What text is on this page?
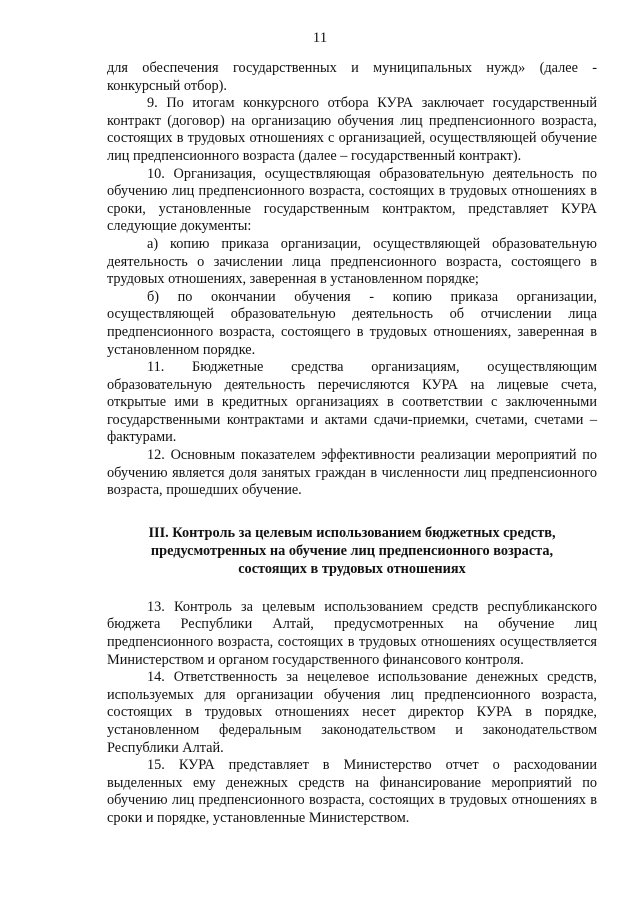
11

для обеспечения государственных и муниципальных нужд» (далее - конкурсный отбор).

9. По итогам конкурсного отбора КУРА заключает государственный контракт (договор) на организацию обучения лиц предпенсионного возраста, состоящих в трудовых отношениях с организацией, осуществляющей обучение лиц предпенсионного возраста (далее – государственный контракт).

10. Организация, осуществляющая образовательную деятельность по обучению лиц предпенсионного возраста, состоящих в трудовых отношениях в сроки, установленные государственным контрактом, представляет КУРА следующие документы:

а) копию приказа организации, осуществляющей образовательную деятельность о зачислении лица предпенсионного возраста, состоящего в трудовых отношениях, заверенная в установленном порядке;

б) по окончании обучения - копию приказа организации, осуществляющей образовательную деятельность об отчислении лица предпенсионного возраста, состоящего в трудовых отношениях, заверенная в установленном порядке.

11. Бюджетные средства организациям, осуществляющим образовательную деятельность перечисляются КУРА на лицевые счета, открытые ими в кредитных организациях в соответствии с заключенными государственными контрактами и актами сдачи-приемки, счетами, счетами – фактурами.

12. Основным показателем эффективности реализации мероприятий по обучению является доля занятых граждан в численности лиц предпенсионного возраста, прошедших обучение.

III. Контроль за целевым использованием бюджетных средств,
предусмотренных на обучение лиц предпенсионного возраста,
состоящих в трудовых отношениях

13. Контроль за целевым использованием средств республиканского бюджета Республики Алтай, предусмотренных на обучение лиц предпенсионного возраста, состоящих в трудовых отношениях осуществляется Министерством и органом государственного финансового контроля.

14. Ответственность за нецелевое использование денежных средств, используемых для организации обучения лиц предпенсионного возраста, состоящих в трудовых отношениях несет директор КУРА в порядке, установленном федеральным законодательством и законодательством Республики Алтай.

15. КУРА представляет в Министерство отчет о расходовании выделенных ему денежных средств на финансирование мероприятий по обучению лиц предпенсионного возраста, состоящих в трудовых отношениях в сроки и порядке, установленные Министерством.
